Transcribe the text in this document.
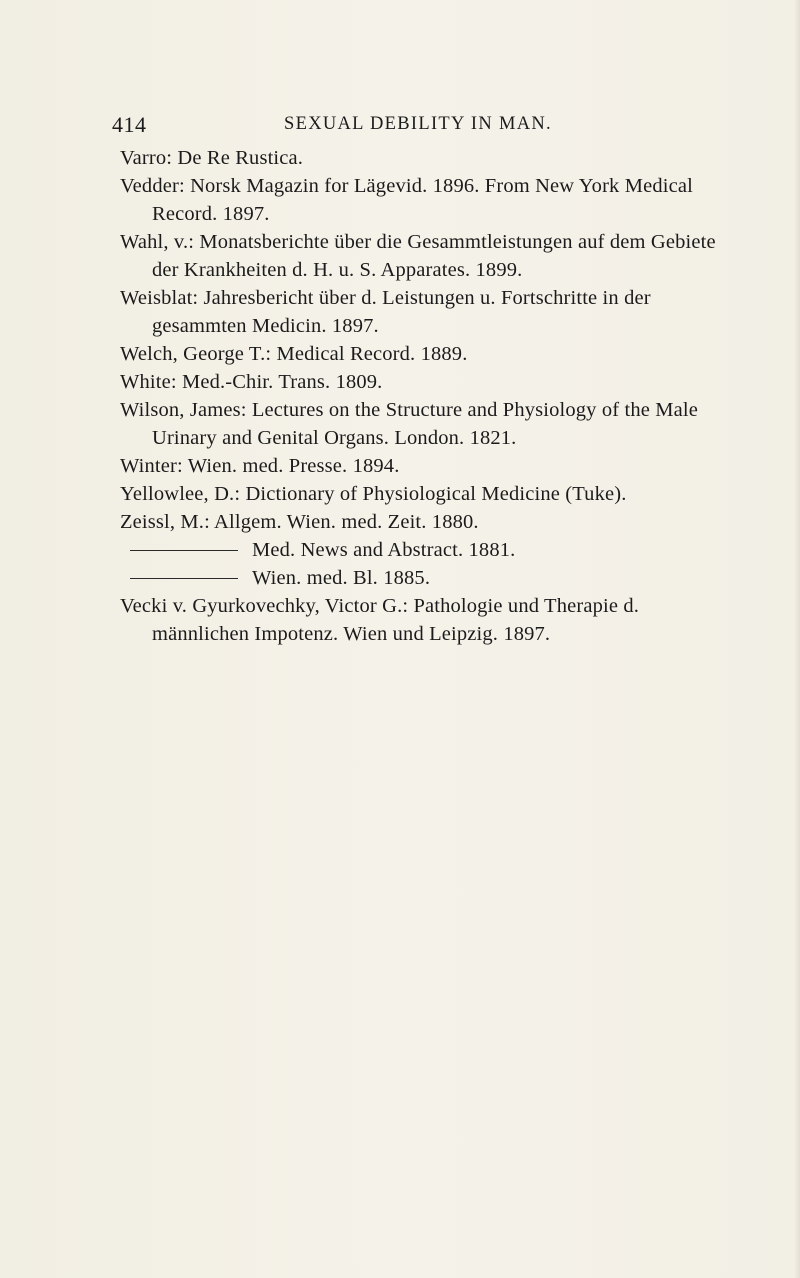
414	SEXUAL DEBILITY IN MAN.
Varro: De Re Rustica.
Vedder: Norsk Magazin for Lägevid. 1896. From New York Medical Record. 1897.
Wahl, v.: Monatsberichte über die Gesammtleistungen auf dem Gebiete der Krankheiten d. H. u. S. Apparates. 1899.
Weisblat: Jahresbericht über d. Leistungen u. Fortschritte in der gesammten Medicin. 1897.
Welch, George T.: Medical Record. 1889.
White: Med.-Chir. Trans. 1809.
Wilson, James: Lectures on the Structure and Physiology of the Male Urinary and Genital Organs. London. 1821.
Winter: Wien. med. Presse. 1894.
Yellowlee, D.: Dictionary of Physiological Medicine (Tuke).
Zeissl, M.: Allgem. Wien. med. Zeit. 1880.
Med. News and Abstract. 1881.
Wien. med. Bl. 1885.
Vecki v. Gyurkovechky, Victor G.: Pathologie und Therapie d. männlichen Impotenz. Wien und Leipzig. 1897.
